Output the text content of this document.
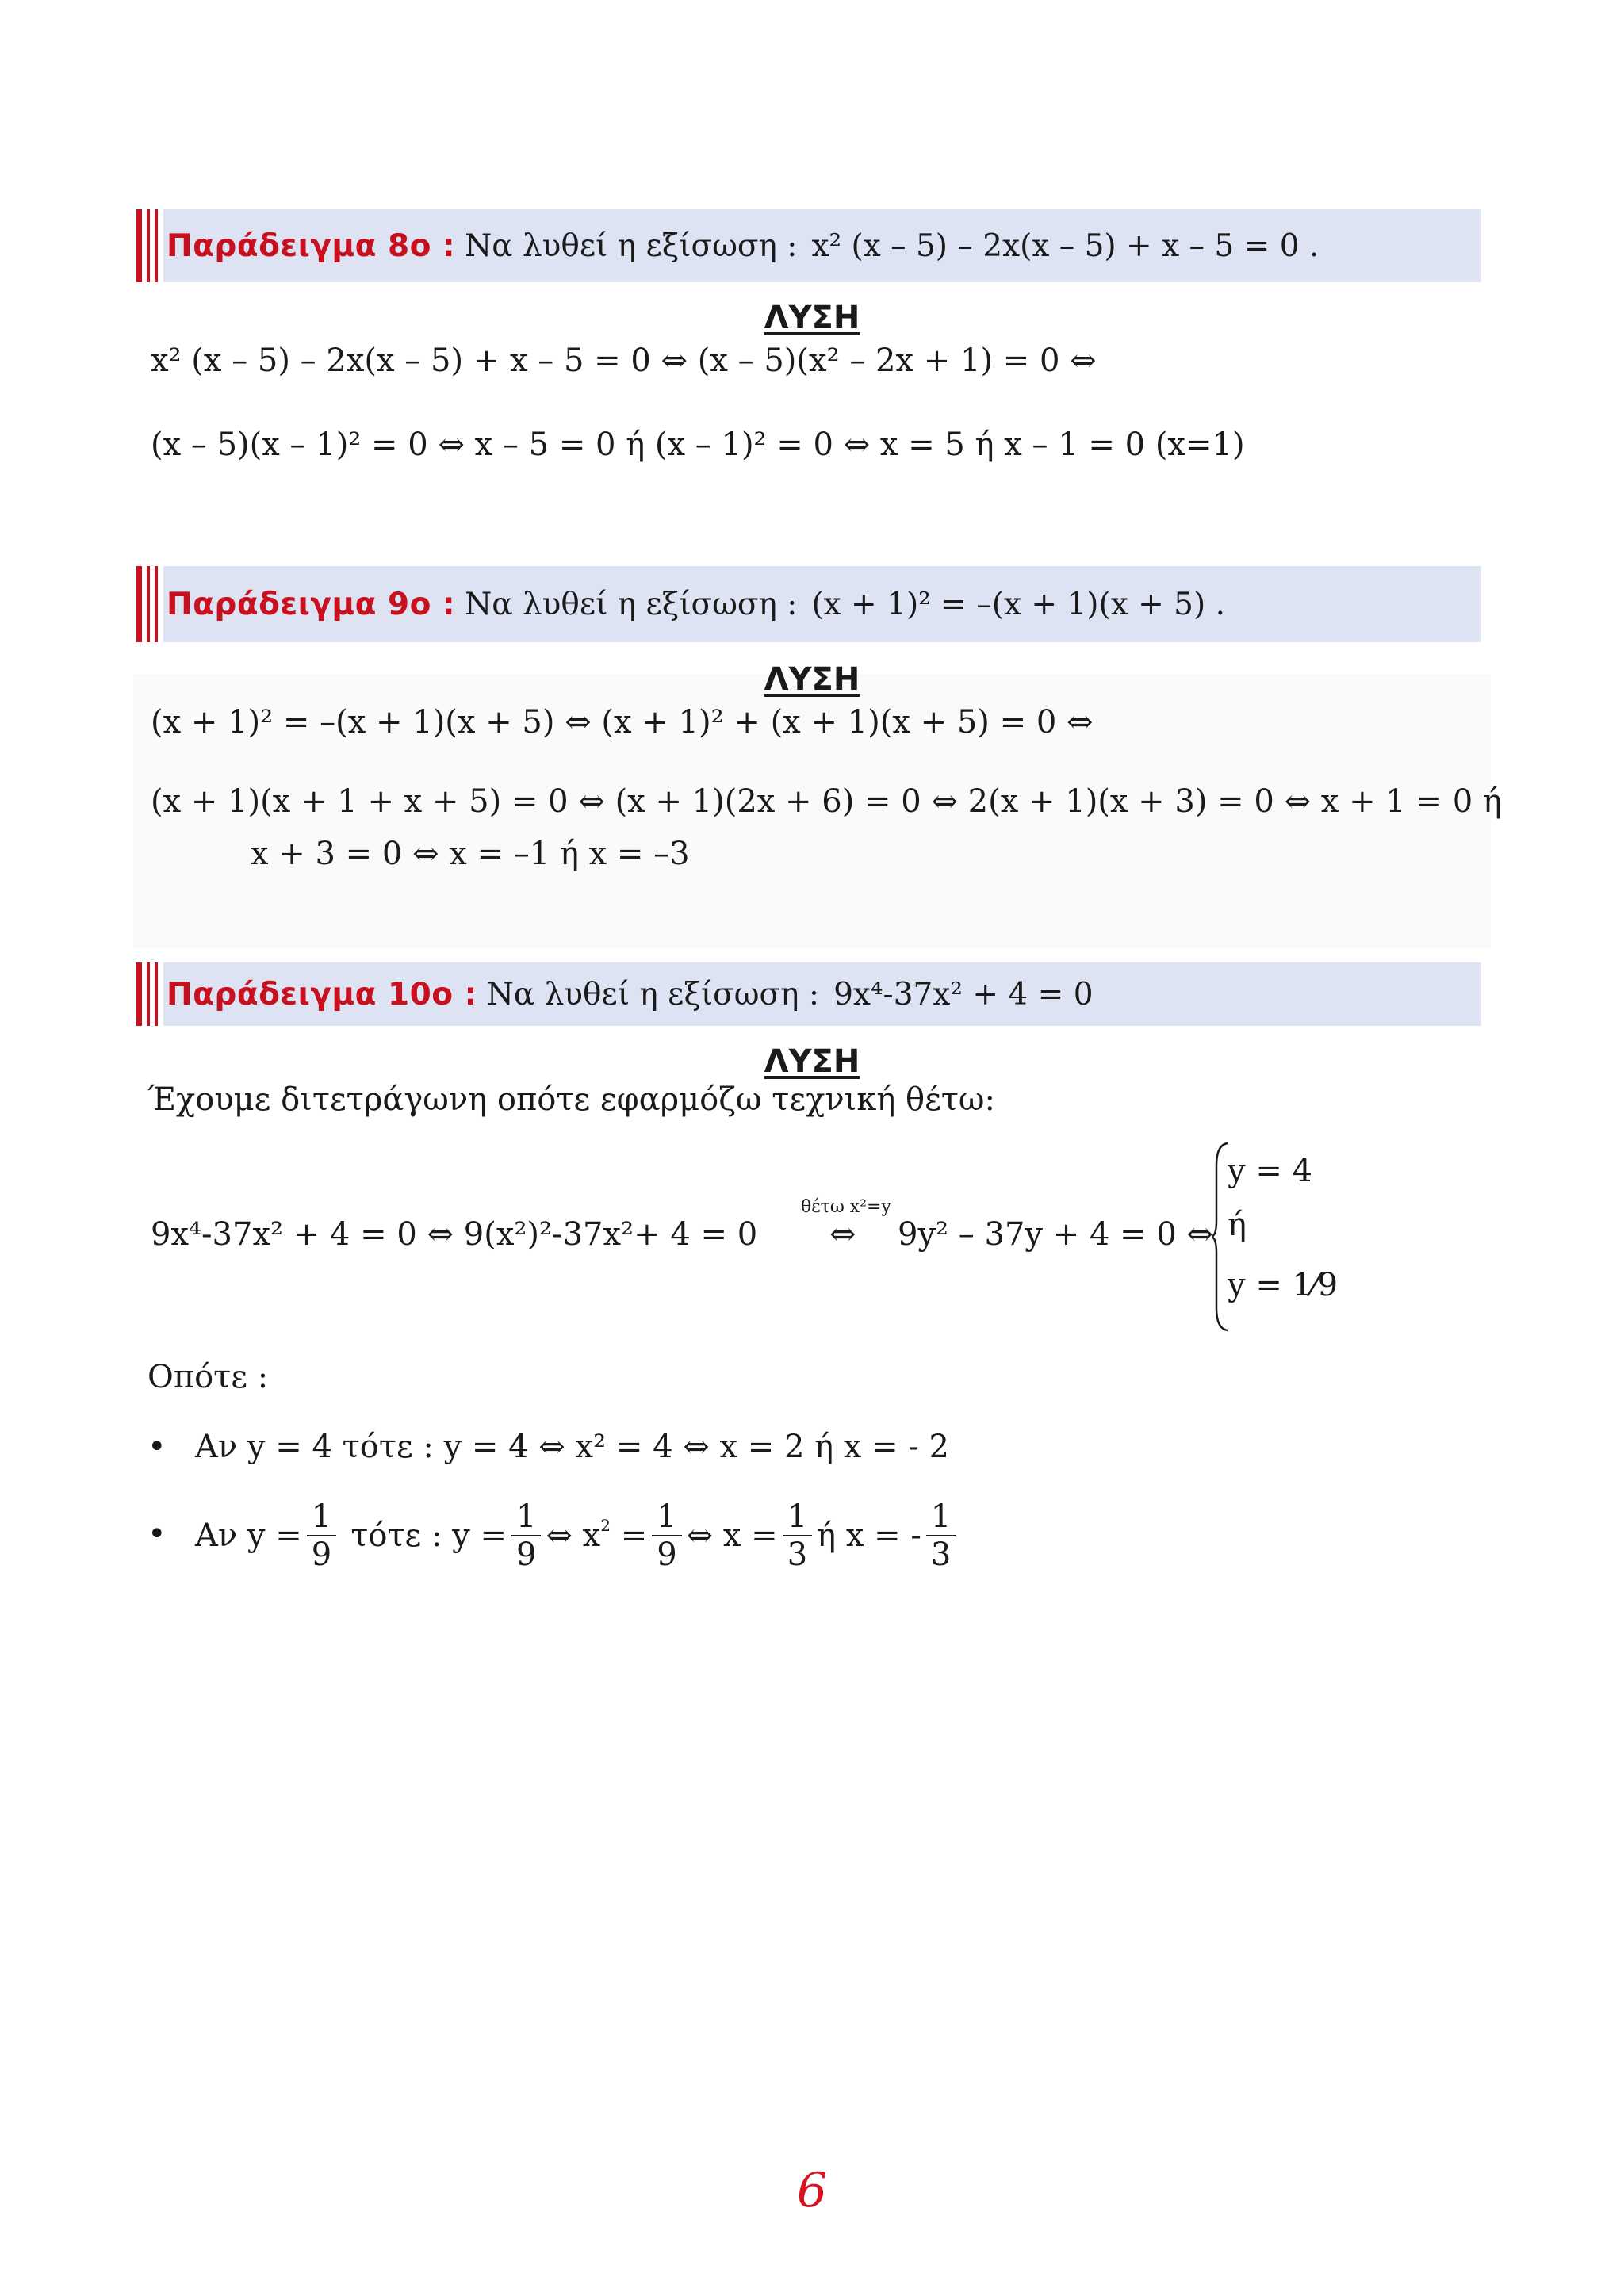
Παράδειγμα 8ο : Να λυθεί η εξίσωση : x² (x – 5) – 2x(x – 5) + x – 5 = 0 .
ΛΥΣΗ
x² (x – 5) – 2x(x – 5) + x – 5 = 0 ⇔ (x – 5)(x² – 2x + 1) = 0 ⇔
(x – 5)(x – 1)² = 0 ⇔ x – 5 = 0 ή (x – 1)² = 0 ⇔ x = 5 ή x – 1 = 0 (x=1)
Παράδειγμα 9ο : Να λυθεί η εξίσωση : (x + 1)² = –(x + 1)(x + 5) .
ΛΥΣΗ
(x + 1)² = –(x + 1)(x + 5) ⇔ (x + 1)² + (x + 1)(x + 5) = 0 ⇔
(x + 1)(x + 1 + x + 5) = 0 ⇔ (x + 1)(2x + 6) = 0 ⇔ 2(x + 1)(x + 3) = 0 ⇔ x + 1 = 0 ή
x + 3 = 0 ⇔ x = –1 ή x = –3
Παράδειγμα 10ο : Να λυθεί η εξίσωση : 9x⁴-37x² + 4 = 0
ΛΥΣΗ
Έχουμε διτετράγωνη οπότε εφαρμόζω τεχνική θέτω:
9x⁴-37x² + 4 = 0 ⇔ 9(x²)²-37x²+ 4 = 0
θέτω x²=y
⇔ 9y² – 37y + 4 = 0 ⇔
y = 4
ή
y = 1⁄9
Οπότε :
• Αν y = 4 τότε : y = 4 ⇔ x² = 4 ⇔ x = 2 ή x = - 2
• Αν $y = \frac{1}{9}$ τότε : $y = \frac{1}{9}$ ⇔ $x^2 = \frac{1}{9}$ ⇔ $x = \frac{1}{3}$ ή x = - $\frac{1}{3}$
6
